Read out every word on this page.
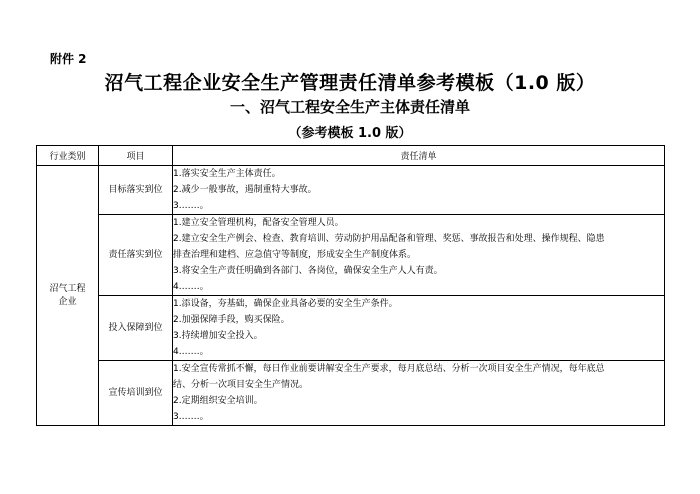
附件 2
沼气工程企业安全生产管理责任清单参考模板（1.0 版）
一、沼气工程安全生产主体责任清单
（参考模板 1.0 版）
行业类别	项目	责任清单

沼气工程
企业	目标落实到位	1.落实安全生产主体责任。
2.减少一般事故，遏制重特大事故。
3.……。

	责任落实到位	1.建立安全管理机构，配备安全管理人员。
2.建立安全生产例会、检查、教育培训、劳动防护用品配备和管理、奖惩、事故报告和处理、操作规程、隐患
排查治理和建档、应急值守等制度，形成安全生产制度体系。
3.将安全生产责任明确到各部门、各岗位，确保安全生产人人有责。
4.……。

	投入保障到位	1.添设备，夯基础，确保企业具备必要的安全生产条件。
2.加强保障手段，购买保险。
3.持续增加安全投入。
4.……。

	宣传培训到位	1.安全宣传常抓不懈，每日作业前要讲解安全生产要求，每月底总结、分析一次项目安全生产情况，每年底总
结、分析一次项目安全生产情况。
2.定期组织安全培训。
3.……。
